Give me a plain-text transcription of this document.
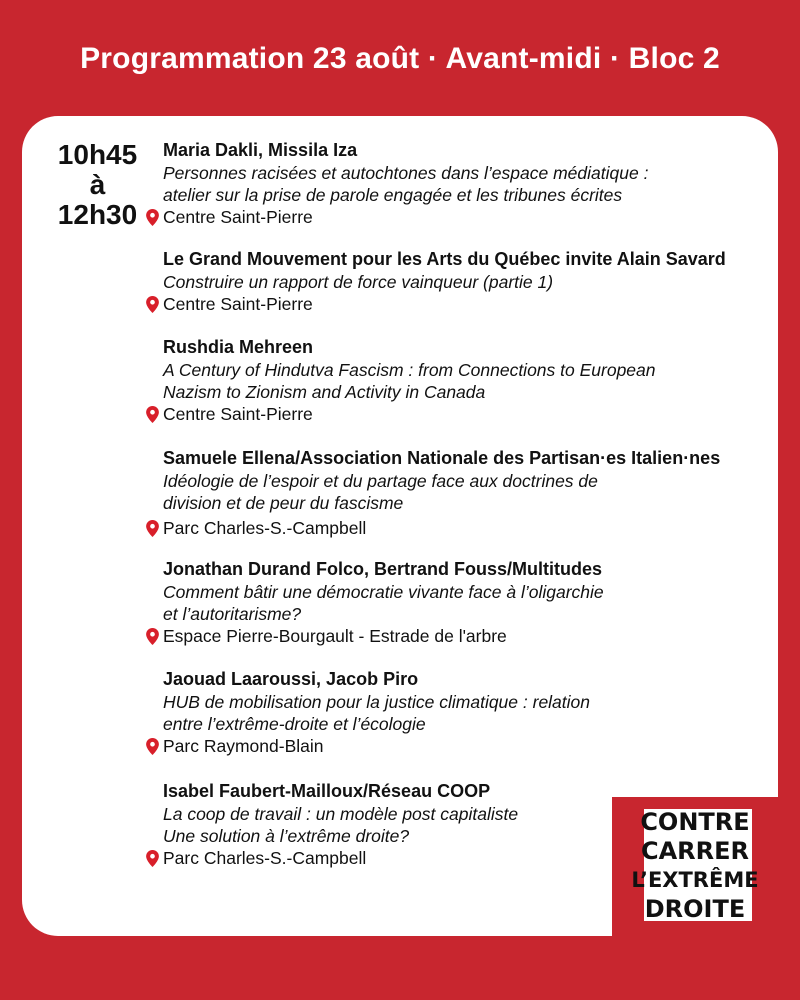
Programmation 23 août · Avant-midi · Bloc 2
10h45
à
12h30
Maria Dakli, Missila Iza
Personnes racisées et autochtones dans l’espace médiatique :
atelier sur la prise de parole engagée et les tribunes écrites
Centre Saint-Pierre
Le Grand Mouvement pour les Arts du Québec invite Alain Savard
Construire un rapport de force vainqueur (partie 1)
Centre Saint-Pierre
Rushdia Mehreen
A Century of Hindutva Fascism : from Connections to European
Nazism to Zionism and Activity in Canada
Centre Saint-Pierre
Samuele Ellena/Association Nationale des Partisan·es Italien·nes
Idéologie de l’espoir et du partage face aux doctrines de
division et de peur du fascisme
Parc Charles-S.-Campbell
Jonathan Durand Folco, Bertrand Fouss/Multitudes
Comment bâtir une démocratie vivante face à l’oligarchie
et l’autoritarisme?
Espace Pierre-Bourgault - Estrade de l'arbre
Jaouad Laaroussi, Jacob Piro
HUB de mobilisation pour la justice climatique : relation
entre l’extrême-droite et l’écologie
Parc Raymond-Blain
Isabel Faubert-Mailloux/Réseau COOP
La coop de travail : un modèle post capitaliste
Une solution à l’extrême droite?
Parc Charles-S.-Campbell
CONTRE
CARRER
L’EXTRÊME
DROITE
